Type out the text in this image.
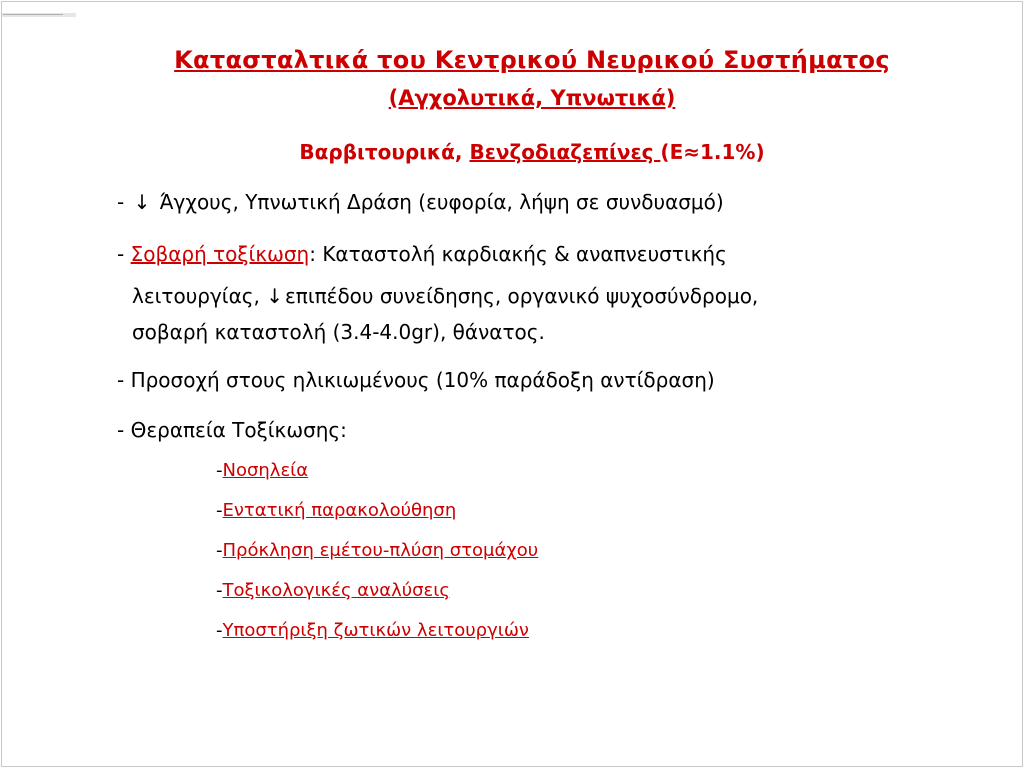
Κατασταλτικά του Κεντρικού Νευρικού Συστήματος
(Αγχολυτικά, Υπνωτικά)
Βαρβιτουρικά, Βενζοδιαζεπίνες (Ε≈1.1%)
- ↓ Άγχους, Υπνωτική Δράση (ευφορία, λήψη σε συνδυασμό)
- Σοβαρή τοξίκωση: Καταστολή καρδιακής & αναπνευστικής
λειτουργίας, ↓ επιπέδου συνείδησης, οργανικό ψυχοσύνδρομο,
σοβαρή καταστολή (3.4-4.0gr), θάνατος.
- Προσοχή στους ηλικιωμένους (10% παράδοξη αντίδραση)
- Θεραπεία Τοξίκωσης:
-Νοσηλεία
-Εντατική παρακολούθηση
-Πρόκληση εμέτου-πλύση στομάχου
-Τοξικολογικές αναλύσεις
-Υποστήριξη ζωτικών λειτουργιών
